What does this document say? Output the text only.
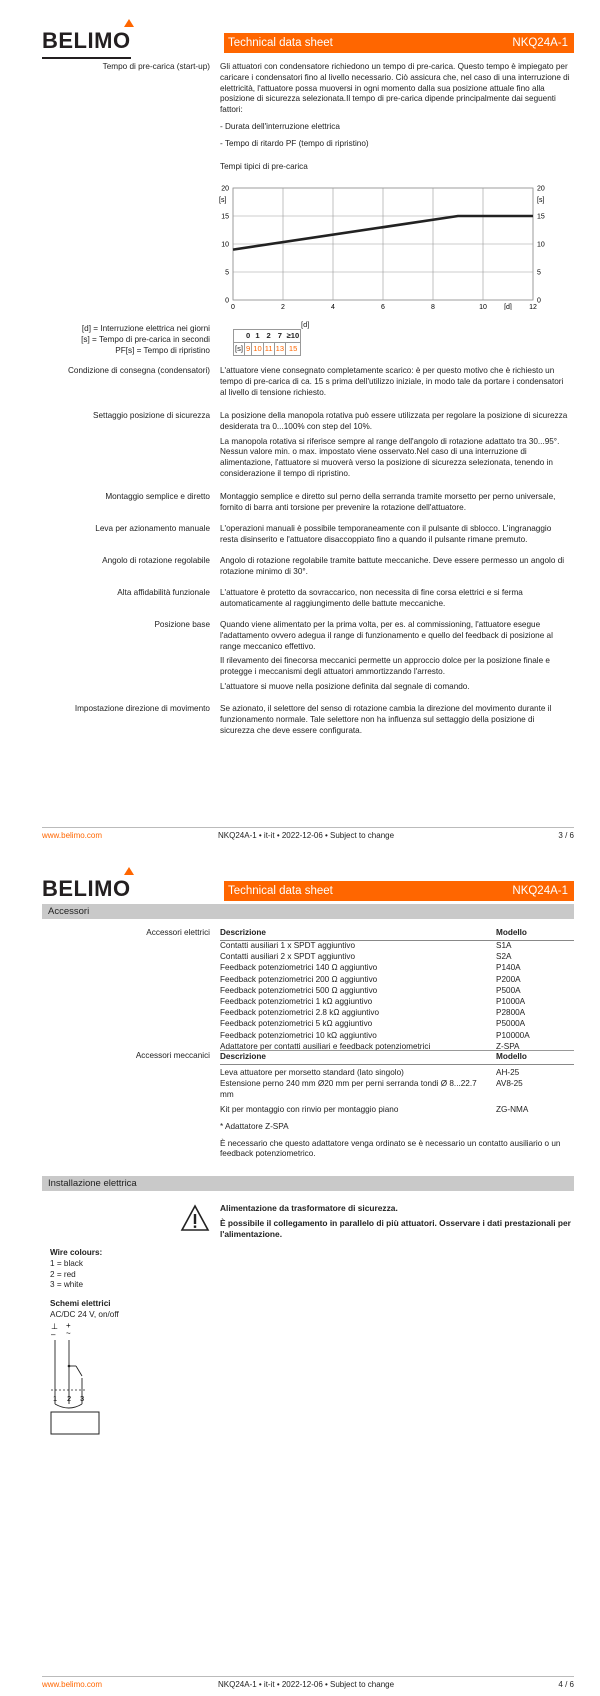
BELIMO	Technical data sheet	NKQ24A-1
Tempo di pre-carica (start-up) Gli attuatori con condensatore richiedono un tempo di pre-carica. Questo tempo è impiegato per caricare i condensatori fino al livello necessario. Ciò assicura che, nel caso di una interruzione di elettricità, l'attuatore possa muoversi in ogni momento dalla sua posizione attuale fino alla posizione di sicurezza selezionata.Il tempo di pre-carica dipende principalmente dai seguenti fattori:

- Durata dell'interruzione elettrica

- Tempo di ritardo PF (tempo di ripristino)

Tempi tipici di pre-carica

0	0
5	5
10	10
15	15
20	20
0	2	4	6	8	10	12
[s]	[s]
[d]
[d] = Interruzione elettrica nei giorni
[s] = Tempo di pre-carica in secondi
PF[s] = Tempo di ripristino
[d]
	0	1	2	7	≥10
[s]	9	10	11	13	15
Condizione di consegna (condensatori) L'attuatore viene consegnato completamente scarico: è per questo motivo che è richiesto un tempo di pre-carica di ca. 15 s prima dell'utilizzo iniziale, in modo tale da portare i condensatori al livello di tensione richiesto.

Settaggio posizione di sicurezza La posizione della manopola rotativa può essere utilizzata per regolare la posizione di sicurezza desiderata tra 0...100% con step del 10%.

La manopola rotativa si riferisce sempre al range dell'angolo di rotazione adattato tra 30...95°. Nessun valore min. o max. impostato viene osservato.Nel caso di una interruzione di alimentazione, l'attuatore si muoverà verso la posizione di sicurezza selezionata, tenendo in considerazione il tempo di ripristino.

Montaggio semplice e diretto Montaggio semplice e diretto sul perno della serranda tramite morsetto per perno universale, fornito di barra anti torsione per prevenire la rotazione dell'attuatore.

Leva per azionamento manuale L'operazioni manuali è possibile temporaneamente con il pulsante di sblocco. L'ingranaggio resta disinserito e l'attuatore disaccoppiato fino a quando il pulsante rimane premuto.

Angolo di rotazione regolabile Angolo di rotazione regolabile tramite battute meccaniche. Deve essere permesso un angolo di rotazione minimo di 30°.

Alta affidabilità funzionale L'attuatore è protetto da sovraccarico, non necessita di fine corsa elettrici e si ferma automaticamente al raggiungimento delle battute meccaniche.

Posizione base Quando viene alimentato per la prima volta, per es. al commissioning, l'attuatore esegue l'adattamento ovvero adegua il range di funzionamento e quello del feedback di posizione al range meccanico effettivo.

Il rilevamento dei finecorsa meccanici permette un approccio dolce per la posizione finale e protegge i meccanismi degli attuatori ammortizzando l'arresto.

L'attuatore si muove nella posizione definita dal segnale di comando.

Impostazione direzione di movimento Se azionato, il selettore del senso di rotazione cambia la direzione del movimento durante il funzionamento normale. Tale selettore non ha influenza sul settaggio della posizione di sicurezza che deve essere configurata.

www.belimo.com	NKQ24A-1 • it-it • 2022-12-06 • Subject to change	3 / 6
BELIMO	Technical data sheet	NKQ24A-1
Accessori
Accessori elettrici Descrizione	Modello
Contatti ausiliari 1 x SPDT aggiuntivo	S1A
Contatti ausiliari 2 x SPDT aggiuntivo	S2A
Feedback potenziometrici 140 Ω aggiuntivo	P140A
Feedback potenziometrici 200 Ω aggiuntivo	P200A
Feedback potenziometrici 500 Ω aggiuntivo	P500A
Feedback potenziometrici 1 kΩ aggiuntivo	P1000A
Feedback potenziometrici 2.8 kΩ aggiuntivo	P2800A
Feedback potenziometrici 5 kΩ aggiuntivo	P5000A
Feedback potenziometrici 10 kΩ aggiuntivo	P10000A
Adattatore per contatti ausiliari e feedback potenziometrici	Z-SPA
Accessori meccanici Descrizione	Modello
Leva attuatore per morsetto standard (lato singolo)	AH-25
Estensione perno 240 mm Ø20 mm per perni serranda tondi Ø 8...22.7 AV8-25
mm
Kit per montaggio con rinvio per montaggio piano	ZG-NMA
* Adattatore Z-SPA
È necessario che questo adattatore venga ordinato se è necessario un contatto ausiliario o un feedback potenziometrico.
Installazione elettrica
Alimentazione da trasformatore di sicurezza.
È possibile il collegamento in parallelo di più attuatori. Osservare i dati prestazionali per l'alimentazione.
Wire colours:
1 = black
2 = red
3 = white
Schemi elettrici
AC/DC 24 V, on/off
⊥ +
– ~
1 2 3
www.belimo.com	NKQ24A-1 • it-it • 2022-12-06 • Subject to change	4 / 6
